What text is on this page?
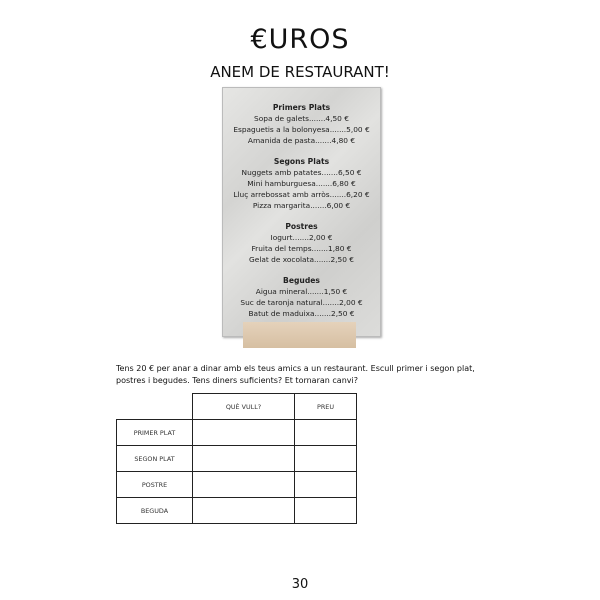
€UROS
ANEM DE RESTAURANT!
Primers Plats
Sopa de galets.......4,50 €
Espaguetis a la bolonyesa.......5,00 €
Amanida de pasta.......4,80 €
Segons Plats
Nuggets amb patates.......6,50 €
Mini hamburguesa.......6,80 €
Lluç arrebossat amb arròs.......6,20 €
Pizza margarita.......6,00 €
Postres
Iogurt.......2,00 €
Fruita del temps.......1,80 €
Gelat de xocolata.......2,50 €
Begudes
Aigua mineral.......1,50 €
Suc de taronja natural.......2,00 €
Batut de maduixa.......2,50 €
Tens 20 € per anar a dinar amb els teus amics a un restaurant. Escull primer i segon plat, postres i begudes. Tens diners suficients? Et tornaran canvi?
	QUÈ VULL?	PREU
PRIMER PLAT		
SEGON PLAT		
POSTRE		
BEGUDA		
30
